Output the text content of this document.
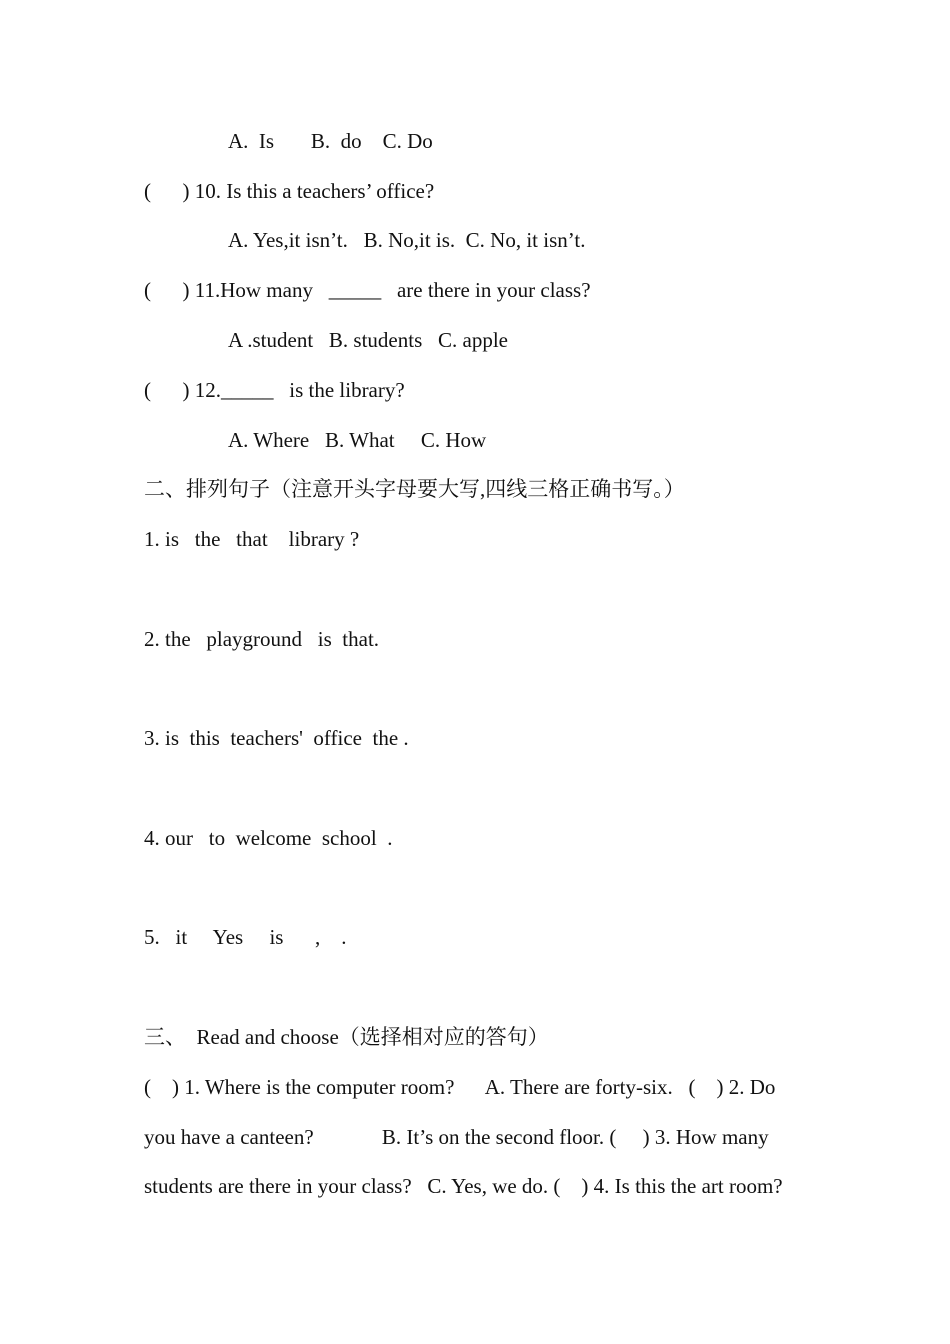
A.  Is       B.  do    C. Do
(      ) 10. Is this a teachers’ office?
A. Yes,it isn’t.   B. No,it is.  C. No, it isn’t.
(      ) 11.How many   _____   are there in your class?
A .student   B. students   C. apple
(      ) 12._____   is the library?
A. Where   B. What     C. How
二、排列句子（注意开头字母要大写,四线三格正确书写。）
1. is   the   that    library ?
2. the   playground   is  that.
3. is  this  teachers'  office  the .
4. our   to  welcome  school  .
5.   it     Yes     is      ,    .
三、  Read and choose（选择相对应的答句）
(    ) 1. Where is the computer room?      A. There are forty-six.   (    ) 2. Do
you have a canteen?             B. It’s on the second floor. (     ) 3. How many
students are there in your class?   C. Yes, we do. (    ) 4. Is this the art room?
